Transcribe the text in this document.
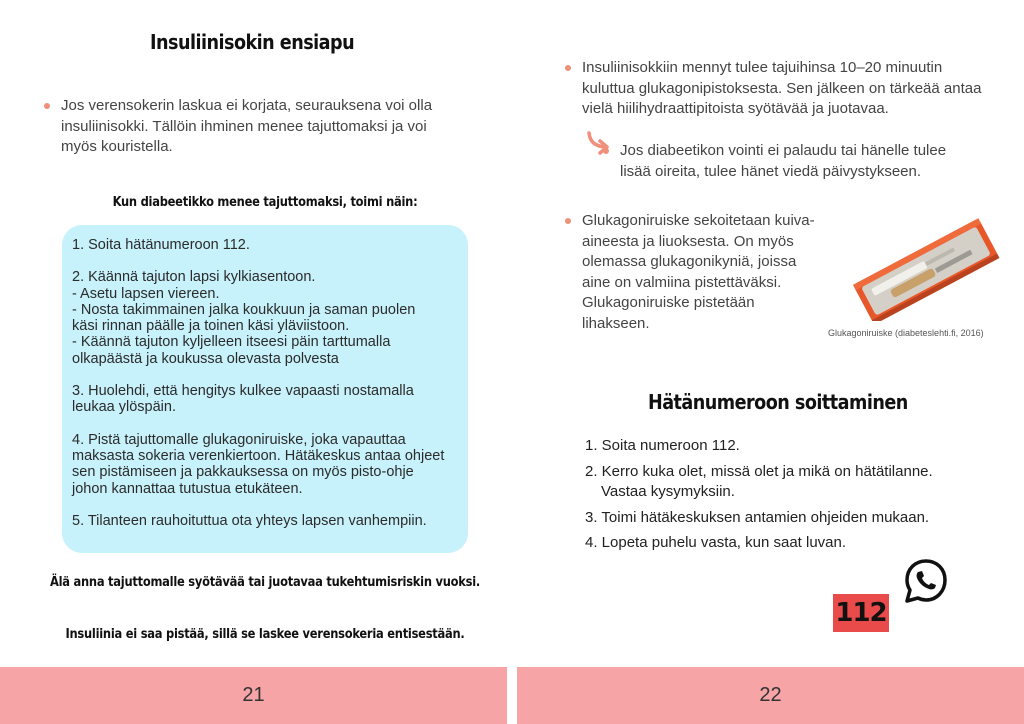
Insuliinisokin ensiapu
Jos verensokerin laskua ei korjata, seurauksena voi olla
insuliinisokki. Tällöin ihminen menee tajuttomaksi ja voi
myös kouristella.
Kun diabeetikko menee tajuttomaksi, toimi näin:
1. Soita hätänumeroon 112.
2. Käännä tajuton lapsi kylkiasentoon.
- Asetu lapsen viereen.
- Nosta takimmainen jalka koukkuun ja saman puolen
käsi rinnan päälle ja toinen käsi yläviistoon.
- Käännä tajuton kyljelleen itseesi päin tarttumalla
olkapäästä ja koukussa olevasta polvesta
3. Huolehdi, että hengitys kulkee vapaasti nostamalla
leukaa ylöspäin.
4. Pistä tajuttomalle glukagoniruiske, joka vapauttaa
maksasta sokeria verenkiertoon. Hätäkeskus antaa ohjeet
sen pistämiseen ja pakkauksessa on myös pisto-ohje
johon kannattaa tutustua etukäteen.
5. Tilanteen rauhoituttua ota yhteys lapsen vanhempiin.
Älä anna tajuttomalle syötävää tai juotavaa tukehtumisriskin vuoksi.
Insuliinia ei saa pistää, sillä se laskee verensokeria entisestään.
21
Insuliinisokkiin mennyt tulee tajuihinsa 10–20 minuutin
kuluttua glukagonipistoksesta. Sen jälkeen on tärkeää antaa
vielä hiilihydraattipitoista syötävää ja juotavaa.
Jos diabeetikon vointi ei palaudu tai hänelle tulee
lisää oireita, tulee hänet viedä päivystykseen.
Glukagoniruiske sekoitetaan kuiva-
aineesta ja liuoksesta. On myös
olemassa glukagonikyniä, joissa
aine on valmiina pistettäväksi.
Glukagoniruiske pistetään
lihakseen.
Glukagoniruiske (diabeteslehti.fi, 2016)
Hätänumeroon soittaminen
1. Soita numeroon 112.
2. Kerro kuka olet, missä olet ja mikä on hätätilanne.
Vastaa kysymyksiin.
3. Toimi hätäkeskuksen antamien ohjeiden mukaan.
4. Lopeta puhelu vasta, kun saat luvan.
112
22
